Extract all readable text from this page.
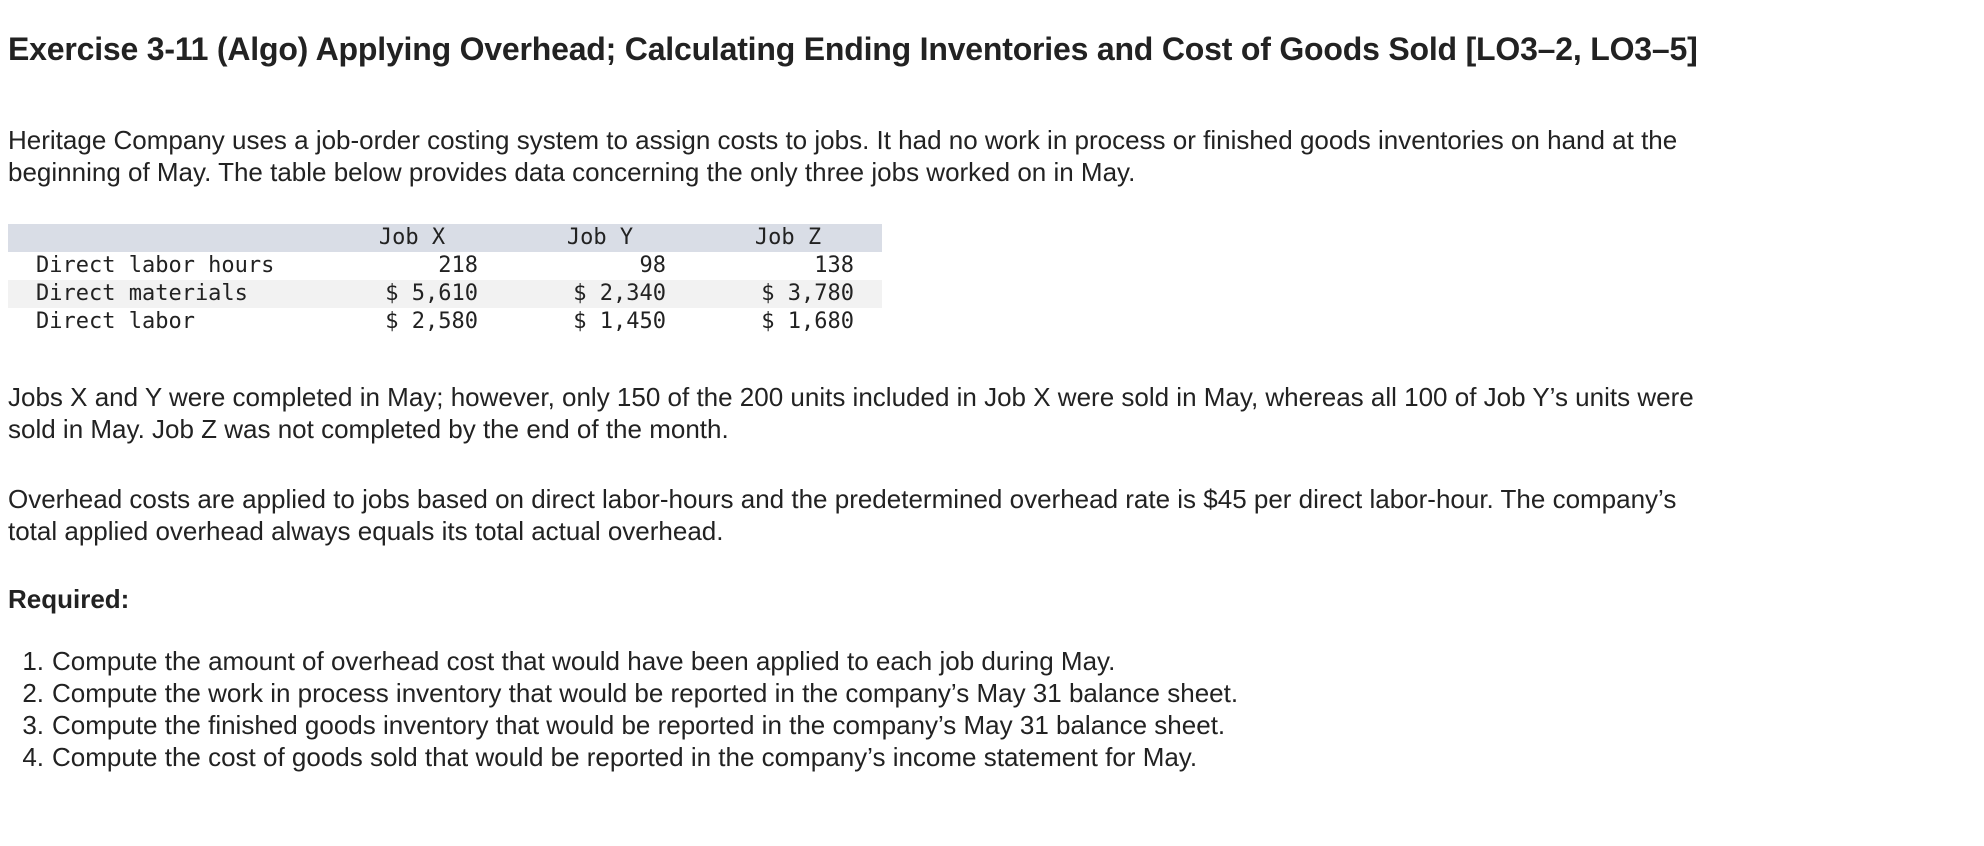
Exercise 3-11 (Algo) Applying Overhead; Calculating Ending Inventories and Cost of Goods Sold [LO3–2, LO3–5]

Heritage Company uses a job-order costing system to assign costs to jobs. It had no work in process or finished goods inventories on hand at the beginning of May. The table below provides data concerning the only three jobs worked on in May.

	Job X	Job Y	Job Z
Direct labor hours	218	98	138
Direct materials	$ 5,610	$ 2,340	$ 3,780
Direct labor	$ 2,580	$ 1,450	$ 1,680

Jobs X and Y were completed in May; however, only 150 of the 200 units included in Job X were sold in May, whereas all 100 of Job Y’s units were sold in May. Job Z was not completed by the end of the month.

Overhead costs are applied to jobs based on direct labor-hours and the predetermined overhead rate is $45 per direct labor-hour. The company’s total applied overhead always equals its total actual overhead.

Required:
1. Compute the amount of overhead cost that would have been applied to each job during May.
2. Compute the work in process inventory that would be reported in the company’s May 31 balance sheet.
3. Compute the finished goods inventory that would be reported in the company’s May 31 balance sheet.
4. Compute the cost of goods sold that would be reported in the company’s income statement for May.
